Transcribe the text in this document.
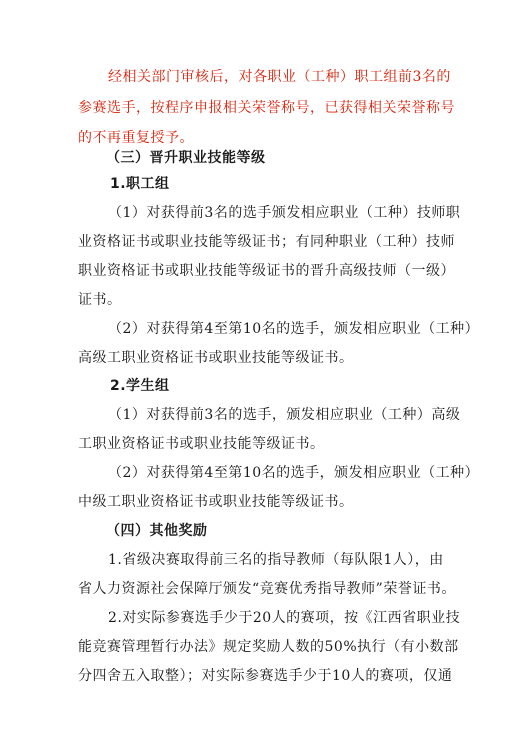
经相关部门审核后，对各职业（工种）职工组前3名的
参赛选手，按程序申报相关荣誉称号，已获得相关荣誉称号
的不再重复授予。
（三）晋升职业技能等级
1.职工组
（1）对获得前3名的选手颁发相应职业（工种）技师职
业资格证书或职业技能等级证书；有同种职业（工种）技师
职业资格证书或职业技能等级证书的晋升高级技师（一级）
证书。
（2）对获得第4至第10名的选手，颁发相应职业（工种）
高级工职业资格证书或职业技能等级证书。
2.学生组
（1）对获得前3名的选手，颁发相应职业（工种）高级
工职业资格证书或职业技能等级证书。
（2）对获得第4至第10名的选手，颁发相应职业（工种）
中级工职业资格证书或职业技能等级证书。
（四）其他奖励
1.省级决赛取得前三名的指导教师（每队限1人），由
省人力资源社会保障厅颁发“竞赛优秀指导教师”荣誉证书。
2.对实际参赛选手少于20人的赛项，按《江西省职业技
能竞赛管理暂行办法》规定奖励人数的50%执行（有小数部
分四舍五入取整）；对实际参赛选手少于10人的赛项，仅通
